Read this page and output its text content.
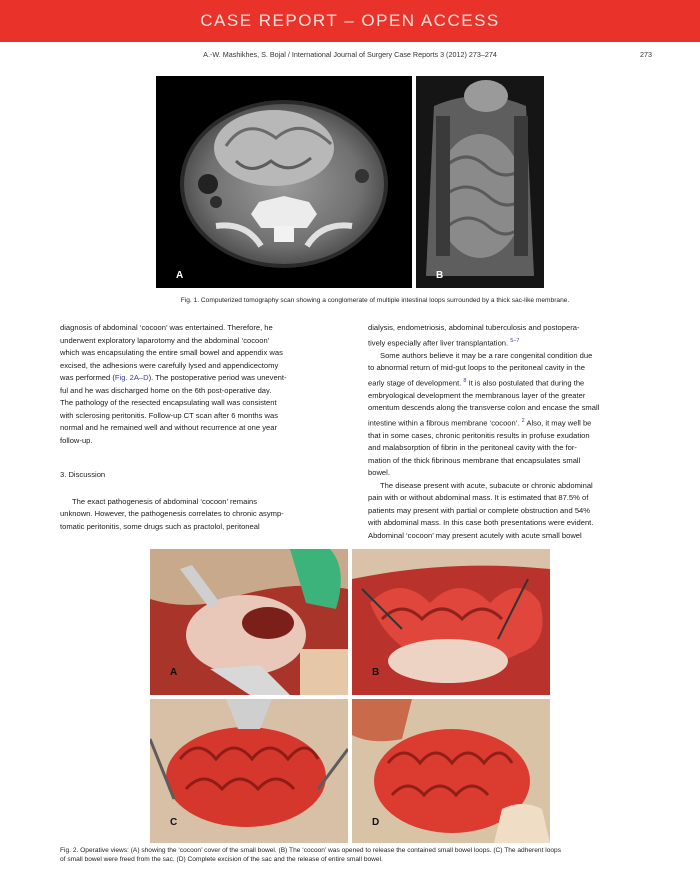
CASE REPORT – OPEN ACCESS
A.-W. Mashikhes, S. Bojal / International Journal of Surgery Case Reports 3 (2012) 273–274	273
A	B
Fig. 1. Computerized tomography scan showing a conglomerate of multiple intestinal loops surrounded by a thick sac-like membrane.

diagnosis of abdominal ‘cocoon’ was entertained. Therefore, he
underwent exploratory laparotomy and the abdominal ‘cocoon’
which was encapsulating the entire small bowel and appendix was
excised, the adhesions were carefully lysed and appendicectomy
was performed (Fig. 2A–D). The postoperative period was unevent-
ful and he was discharged home on the 6th post-operative day.
The pathology of the resected encapsulating wall was consistent
with sclerosing peritonitis. Follow-up CT scan after 6 months was
normal and he remained well and without recurrence at one year
follow-up.

3. Discussion

The exact pathogenesis of abdominal ‘cocoon’ remains
unknown. However, the pathogenesis correlates to chronic asymp-
tomatic peritonitis, some drugs such as practolol, peritoneal

dialysis, endometriosis, abdominal tuberculosis and postopera-
tively especially after liver transplantation. $^{5-7}$

Some authors believe it may be a rare congenital condition due
to abnormal return of mid-gut loops to the peritoneal cavity in the
early stage of development. $^8$ It is also postulated that during the
embryological development the membranous layer of the greater
omentum descends along the transverse colon and encase the small
intestine within a fibrous membrane ‘cocoon’. $^2$ Also, it may well be
that in some cases, chronic peritonitis results in profuse exudation
and malabsorption of fibrin in the peritoneal cavity with the for-
mation of the thick fibrinous membrane that encapsulates small
bowel.

The disease present with acute, subacute or chronic abdominal
pain with or without abdominal mass. It is estimated that 87.5% of
patients may present with partial or complete obstruction and 54%
with abdominal mass. In this case both presentations were evident.
Abdominal ‘cocoon’ may present acutely with acute small bowel

A	B
C	D
Fig. 2. Operative views: (A) showing the ‘cocoon’ cover of the small bowel. (B) The ‘cocoon’ was opened to release the contained small bowel loops. (C) The adherent loops
of small bowel were freed from the sac. (D) Complete excision of the sac and the release of entire small bowel.
